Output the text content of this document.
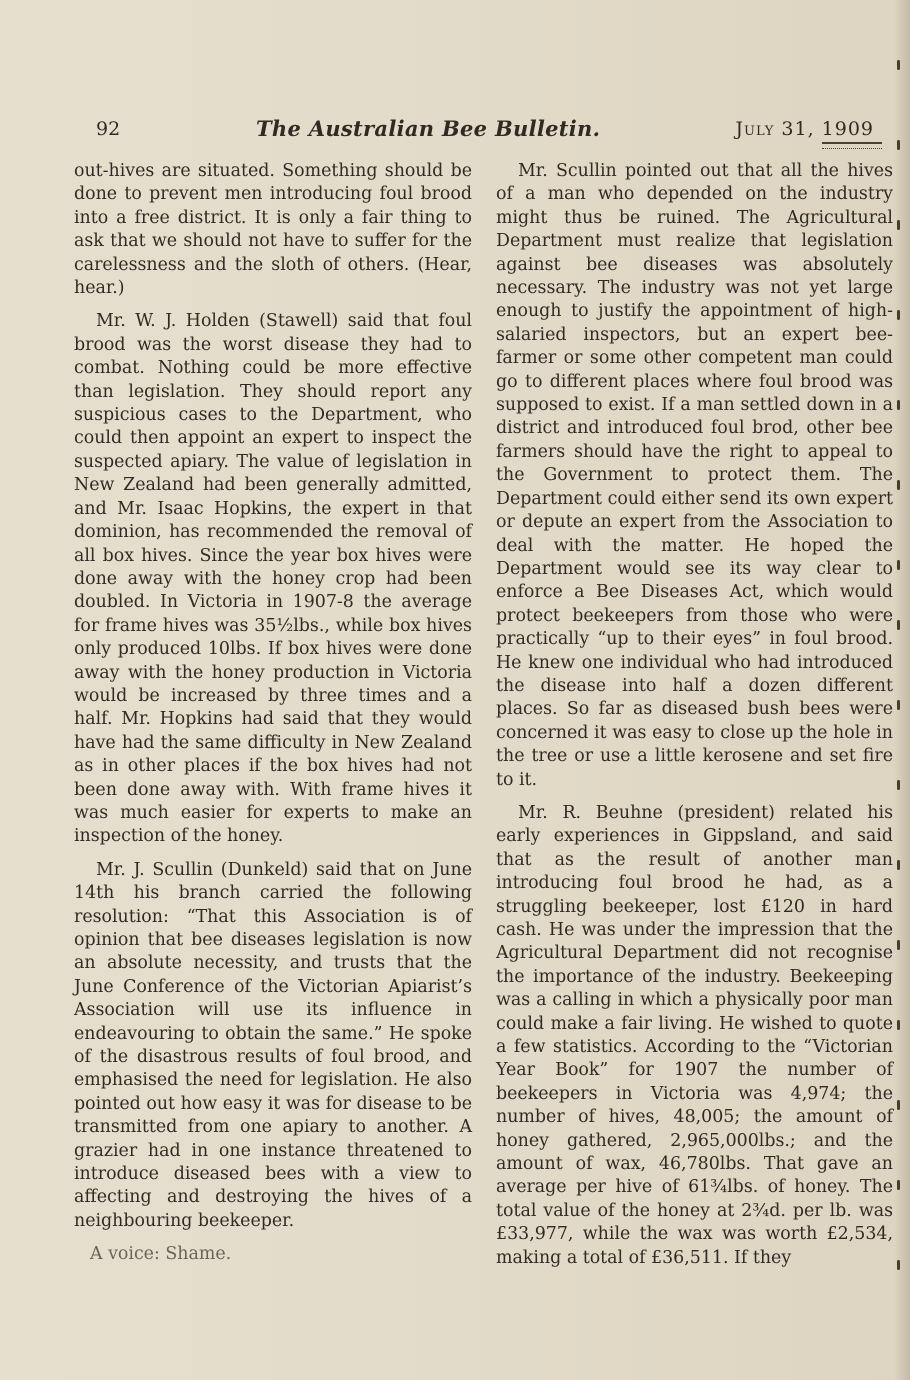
92	The Australian Bee Bulletin.	July 31, 1909

out-hives are situated. Something should be done to prevent men introducing foul brood into a free district. It is only a fair thing to ask that we should not have to suffer for the carelessness and the sloth of others. (Hear, hear.)

Mr. W. J. Holden (Stawell) said that foul brood was the worst disease they had to combat. Nothing could be more effective than legislation. They should report any suspicious cases to the Department, who could then appoint an expert to inspect the suspected apiary. The value of legislation in New Zealand had been generally admitted, and Mr. Isaac Hopkins, the expert in that dominion, has recommended the removal of all box hives. Since the year box hives were done away with the honey crop had been doubled. In Victoria in 1907-8 the average for frame hives was 35½lbs., while box hives only produced 10lbs. If box hives were done away with the honey production in Victoria would be increased by three times and a half. Mr. Hopkins had said that they would have had the same difficulty in New Zealand as in other places if the box hives had not been done away with. With frame hives it was much easier for experts to make an inspection of the honey.

Mr. J. Scullin (Dunkeld) said that on June 14th his branch carried the following resolution: “That this Association is of opinion that bee diseases legislation is now an absolute necessity, and trusts that the June Conference of the Victorian Apiarist’s Association will use its influence in endeavouring to obtain the same.” He spoke of the disastrous results of foul brood, and emphasised the need for legislation. He also pointed out how easy it was for disease to be transmitted from one apiary to another. A grazier had in one instance threatened to introduce diseased bees with a view to affecting and destroying the hives of a neighbouring beekeeper.

A voice: Shame.

Mr. Scullin pointed out that all the hives of a man who depended on the industry might thus be ruined. The Agricultural Department must realize that legislation against bee diseases was absolutely necessary. The industry was not yet large enough to justify the appointment of high-salaried inspectors, but an expert bee-farmer or some other competent man could go to different places where foul brood was supposed to exist. If a man settled down in a district and introduced foul brod, other bee farmers should have the right to appeal to the Government to protect them. The Department could either send its own expert or depute an expert from the Association to deal with the matter. He hoped the Department would see its way clear to enforce a Bee Diseases Act, which would protect beekeepers from those who were practically “up to their eyes” in foul brood. He knew one individual who had introduced the disease into half a dozen different places. So far as diseased bush bees were concerned it was easy to close up the hole in the tree or use a little kerosene and set fire to it.

Mr. R. Beuhne (president) related his early experiences in Gippsland, and said that as the result of another man introducing foul brood he had, as a struggling beekeeper, lost £120 in hard cash. He was under the impression that the Agricultural Department did not recognise the importance of the industry. Beekeeping was a calling in which a physically poor man could make a fair living. He wished to quote a few statistics. According to the “Victorian Year Book” for 1907 the number of beekeepers in Victoria was 4,974; the number of hives, 48,005; the amount of honey gathered, 2,965,000lbs.; and the amount of wax, 46,780lbs. That gave an average per hive of 61¾lbs. of honey. The total value of the honey at 2¾d. per lb. was £33,977, while the wax was worth £2,534, making a total of £36,511. If they
